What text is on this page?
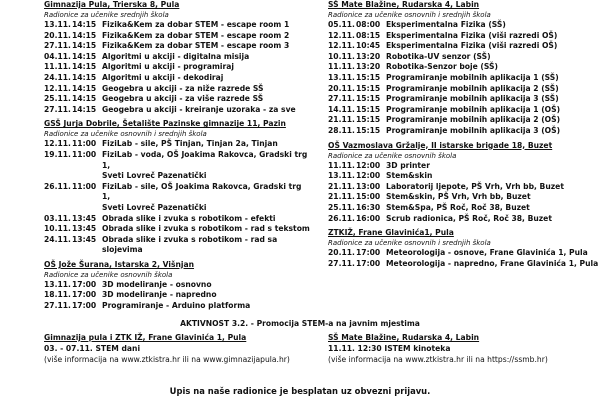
Gimnazija Pula, Trierska 8, Pula
Radionice za učenike srednjih škola
13.11. 14:15 Fizika&Kem za dobar STEM - escape room 1
20.11. 14:15 Fizika&Kem za dobar STEM - escape room 2
27.11. 14:15 Fizika&Kem za dobar STEM - escape room 3
04.11. 14:15 Algoritmi u akciji - digitalna misija
11.11. 14:15 Algoritmi u akciji - programiraj
24.11. 14:15 Algoritmi u akciji - dekodiraj
12.11. 14:15 Geogebra u akciji - za niže razrede SŠ
25.11. 14:15 Geogebra u akciji - za više razrede SŠ
27.11. 14:15 Geogebra u akciji - kreiranje uzoraka - za sve
GSŠ Jurja Dobrile, Šetalište Pazinske gimnazije 11, Pazin
Radionice za učenike osnovnih i srednjih škola
12.11. 11:00 FiziLab - sile, PŠ Tinjan, Tinjan 2a, Tinjan
19.11. 11:00 FiziLab - voda, OŠ Joakima Rakovca, Gradski trg 1,
Sveti Lovreč Pazenatički
26.11. 11:00 FiziLab - sile, OŠ Joakima Rakovca, Gradski trg 1,
Sveti Lovreč Pazenatički
03.11. 13:45 Obrada slike i zvuka s robotikom - efekti
10.11. 13:45 Obrada slike i zvuka s robotikom - rad s tekstom
24.11. 13:45 Obrada slike i zvuka s robotikom - rad sa slojevima
OŠ Jože Šurana, Istarska 2, Višnjan
Radionice za učenike osnovnih škola
13.11. 17:00 3D modeliranje - osnovno
18.11. 17:00 3D modeliranje - napredno
27.11. 17:00 Programiranje - Arduino platforma
SŠ Mate Blažine, Rudarska 4, Labin
Radionice za učenike osnovnih i srednjih škola
05.11. 08:00 Eksperimentalna Fizika (SŠ)
12.11. 08:15 Eksperimentalna Fizika (viši razredi OŠ)
12.11. 10:45 Eksperimentalna Fizika (viši razredi OŠ)
10.11. 13:20 Robotika-UV senzor (SŠ)
11.11. 13:20 Robotika-Senzor boje (SŠ)
13.11. 15:15 Programiranje mobilnih aplikacija 1 (SŠ)
20.11. 15:15 Programiranje mobilnih aplikacija 2 (SŠ)
27.11. 15:15 Programiranje mobilnih aplikacija 3 (SŠ)
14.11. 15:15 Programiranje mobilnih aplikacija 1 (OŠ)
21.11. 15:15 Programiranje mobilnih aplikacija 2 (OŠ)
28.11. 15:15 Programiranje mobilnih aplikacija 3 (OŠ)
OŠ Vazmoslava Gržalje, II istarske brigade 18, Buzet
Radionice za učenike osnovnih škola
11.11. 12:00 3D printer
13.11. 12:00 Stem&skin
21.11. 13:00 Laboratorij ljepote, PŠ Vrh, Vrh bb, Buzet
21.11. 15:00 Stem&skin, PŠ Vrh, Vrh bb, Buzet
25.11. 16:30 Stem&Spa, PŠ Roč, Roč 38, Buzet
26.11. 16:00 Scrub radionica, PŠ Roč, Roč 38, Buzet
ZTKIŽ, Frane Glavinića1, Pula
Radionice za učenike osnovnih i srednjih škola
20.11. 17:00 Meteorologija - osnove, Frane Glavinića 1, Pula
27.11. 17:00 Meteorologija - napredno, Frane Glavinića 1, Pula
AKTIVNOST 3.2. - Promocija STEM-a na javnim mjestima
Gimnazija pula i ZTK IŽ, Frane Glavinića 1, Pula
03. - 07.11. STEM dani
(više informacija na www.ztkistra.hr ili na www.gimnazijapula.hr)
SŠ Mate Blažine, Rudarska 4, Labin
11.11. 12:30 ISTEM kinoteka
(više informacija na www.ztkistra.hr ili na https://ssmb.hr)
Upis na naše radionice je besplatan uz obvezni prijavu.
